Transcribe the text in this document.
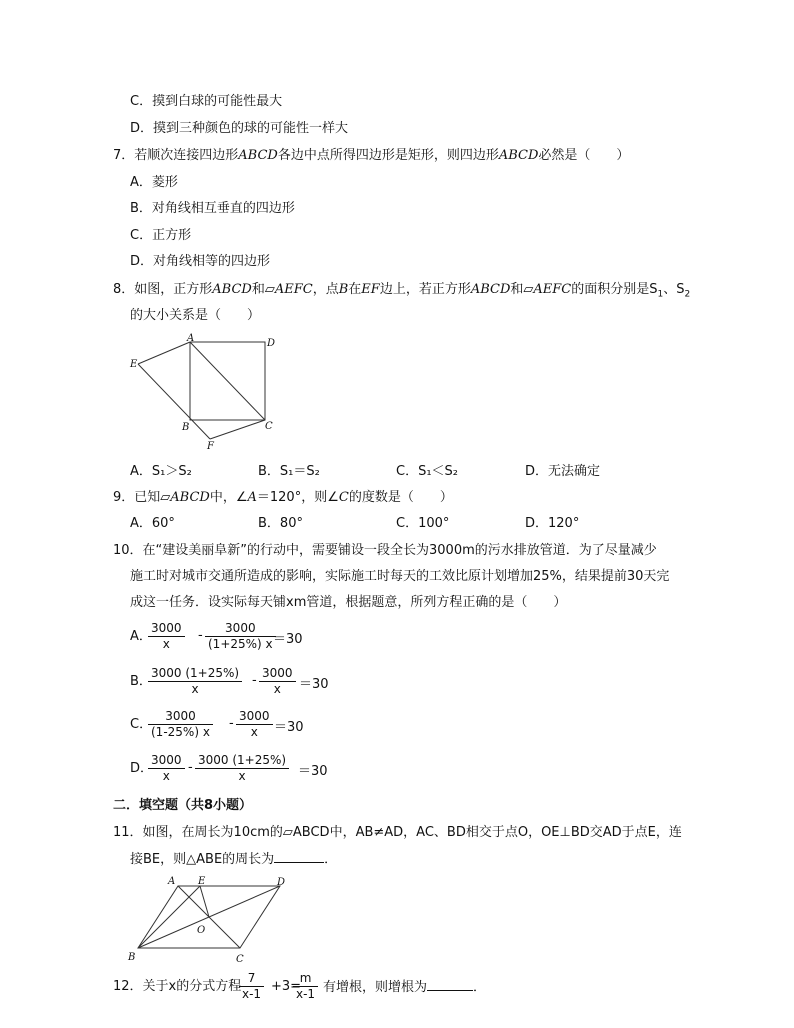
C．摸到白球的可能性最大
D．摸到三种颜色的球的可能性一样大
7．若顺次连接四边形ABCD各边中点所得四边形是矩形，则四边形ABCD必然是（　　）
A．菱形
B．对角线相互垂直的四边形
C．正方形
D．对角线相等的四边形
8．如图，正方形ABCD和▱AEFC，点B在EF边上，若正方形ABCD和▱AEFC的面积分别是$S_1$、$S_2$
的大小关系是（　　）
A	D
E
B	C
F
A．S₁＞S₂	B．S₁＝S₂	C．S₁＜S₂	D．无法确定
9．已知▱ABCD中，∠A＝120°，则∠C的度数是（　　）
A．60°	B．80°	C．100°	D．120°
10．在“建设美丽阜新”的行动中，需要铺设一段全长为3000m的污水排放管道．为了尽量减少
施工时对城市交通所造成的影响，实际施工时每天的工效比原计划增加25%，结果提前30天完
成这一任务．设实际每天铺xm管道，根据题意，所列方程正确的是（　　）
A．
$\frac{3000}{x} - \frac{3000}{(1+25\%) x}$
＝30
B．
$\frac{3000 (1+25\%)}{x} - \frac{3000}{x} =30$
C．
$\frac{3000}{(1-25\%) x} - \frac{3000}{x} =30$
D．
$\frac{3000}{x} - \frac{3000 (1+25\%)}{x} =30$
二．填空题（共8小题）
11．如图，在周长为10cm的▱ABCD中，AB≠AD，AC、BD相交于点O，OE⊥BD交AD于点E，连
接BE，则△ABE的周长为	．
A E	D
O
B	C
12．关于x的分式方程
$\frac{7}{x-1} +3=$
$\frac{m}{x-1}$ 有增根，则增根为	．
